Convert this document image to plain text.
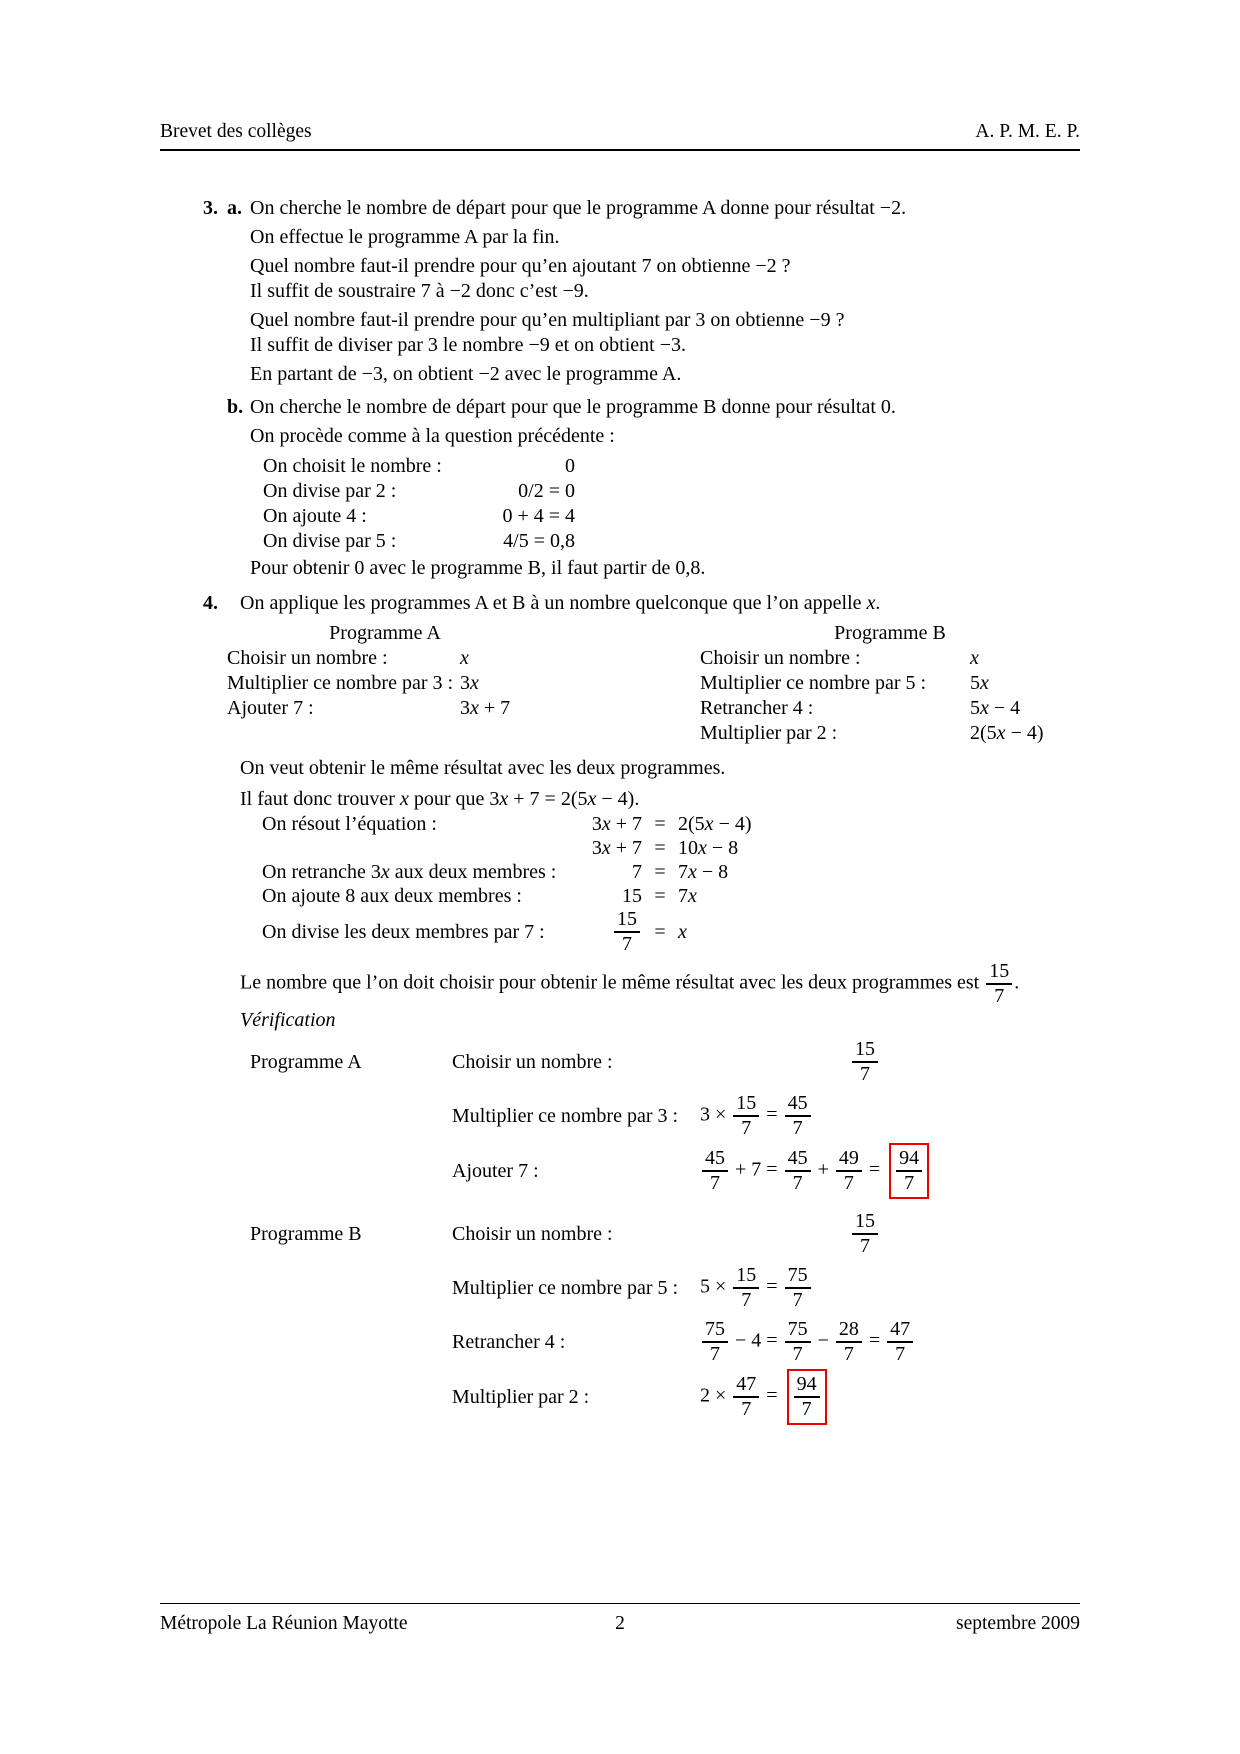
Brevet des collèges	A. P. M. E. P.
3. a. On cherche le nombre de départ pour que le programme A donne pour résultat −2.
On effectue le programme A par la fin.
Quel nombre faut-il prendre pour qu’en ajoutant 7 on obtienne −2 ?
Il suffit de soustraire 7 à −2 donc c’est −9.
Quel nombre faut-il prendre pour qu’en multipliant par 3 on obtienne −9 ?
Il suffit de diviser par 3 le nombre −9 et on obtient −3.
En partant de −3, on obtient −2 avec le programme A.
b. On cherche le nombre de départ pour que le programme B donne pour résultat 0.
On procède comme à la question précédente :
On choisit le nombre :	0
On divise par 2 :	0/2 = 0
On ajoute 4 :	0 + 4 = 4
On divise par 5 :	4/5 = 0,8
Pour obtenir 0 avec le programme B, il faut partir de 0,8.
4.	On applique les programmes A et B à un nombre quelconque que l’on appelle x.
Programme A
Choisir un nombre :	x
Multiplier ce nombre par 3 : 3x
Ajouter 7 :	3x + 7
Programme B
Choisir un nombre :	x
Multiplier ce nombre par 5 :	5x
Retrancher 4 :	5x − 4
Multiplier par 2 :	2(5x − 4)
On veut obtenir le même résultat avec les deux programmes.
Il faut donc trouver x pour que 3x + 7 = 2(5x − 4).
On résout l’équation :	3x + 7 = 2(5x − 4)
3x + 7 = 10x − 8
On retranche 3x aux deux membres :	7 = 7x − 8
On ajoute 8 aux deux membres :	15 = 7x
On divise les deux membres par 7 :	$\frac{15}{7} = x$
Le nombre que l’on doit choisir pour obtenir le même résultat avec les deux programmes est $\frac{15}{7}$ .
Vérification
Programme A	Choisir un nombre :	$\frac{15}{7}$
Multiplier ce nombre par 3 :	$3 \times \frac{15}{7} = \frac{45}{7}$
Ajouter 7 :	$\frac{45}{7} + 7 = \frac{45}{7} + \frac{49}{7} = \frac{94}{7}$
Programme B	Choisir un nombre :	$\frac{15}{7}$
Multiplier ce nombre par 5 :	$5 \times \frac{15}{7} = \frac{75}{7}$
Retrancher 4 :	$\frac{75}{7} - 4 = \frac{75}{7} - \frac{28}{7} = \frac{47}{7}$
Multiplier par 2 :	$2 \times \frac{47}{7} = \frac{94}{7}$
Métropole La Réunion Mayotte	2	septembre 2009
